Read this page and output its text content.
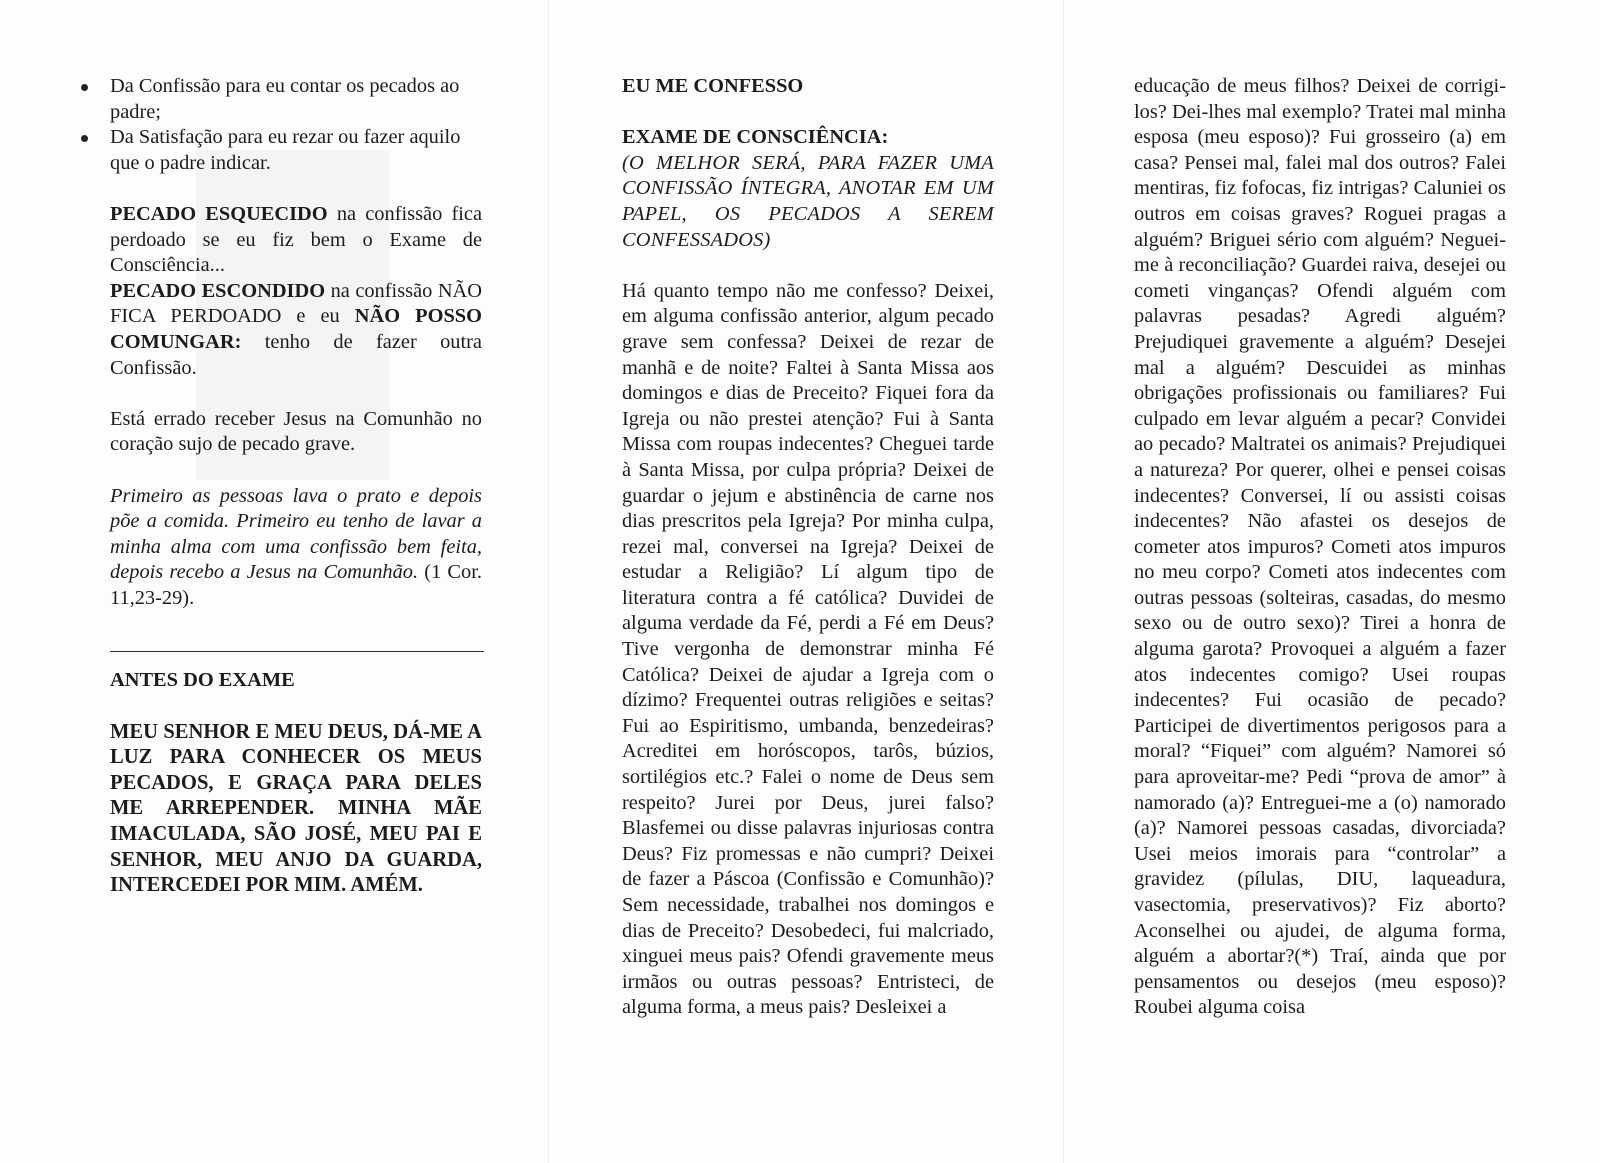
Da Confissão para eu contar os pecados ao padre;
Da Satisfação para eu rezar ou fazer aquilo que o padre indicar.

PECADO ESQUECIDO na confissão fica perdoado se eu fiz bem o Exame de Consciência...

PECADO ESCONDIDO na confissão NÃO FICA PERDOADO e eu NÃO POSSO COMUNGAR: tenho de fazer outra Confissão.

Está errado receber Jesus na Comunhão no coração sujo de pecado grave.

Primeiro as pessoas lava o prato e depois põe a comida. Primeiro eu tenho de lavar a minha alma com uma confissão bem feita, depois recebo a Jesus na Comunhão. (1 Cor. 11,23-29).

ANTES DO EXAME

MEU SENHOR E MEU DEUS, DÁ-ME A LUZ PARA CONHECER OS MEUS PECADOS, E GRAÇA PARA DELES ME ARREPENDER. MINHA MÃE IMACULADA, SÃO JOSÉ, MEU PAI E SENHOR, MEU ANJO DA GUARDA, INTERCEDEI POR MIM. AMÉM.

EU ME CONFESSO

EXAME DE CONSCIÊNCIA:

(O MELHOR SERÁ, PARA FAZER UMA CONFISSÃO ÍNTEGRA, ANOTAR EM UM PAPEL, OS PECADOS A SEREM CONFESSADOS)

Há quanto tempo não me confesso? Deixei, em alguma confissão anterior, algum pecado grave sem confessa? Deixei de rezar de manhã e de noite? Faltei à Santa Missa aos domingos e dias de Preceito? Fiquei fora da Igreja ou não prestei atenção? Fui à Santa Missa com roupas indecentes? Cheguei tarde à Santa Missa, por culpa própria? Deixei de guardar o jejum e abstinência de carne nos dias prescritos pela Igreja? Por minha culpa, rezei mal, conversei na Igreja? Deixei de estudar a Religião? Lí algum tipo de literatura contra a fé católica? Duvidei de alguma verdade da Fé, perdi a Fé em Deus? Tive vergonha de demonstrar minha Fé Católica? Deixei de ajudar a Igreja com o dízimo? Frequentei outras religiões e seitas? Fui ao Espiritismo, umbanda, benzedeiras? Acreditei em horóscopos, tarôs, búzios, sortilégios etc.? Falei o nome de Deus sem respeito? Jurei por Deus, jurei falso? Blasfemei ou disse palavras injuriosas contra Deus? Fiz promessas e não cumpri? Deixei de fazer a Páscoa (Confissão e Comunhão)? Sem necessidade, trabalhei nos domingos e dias de Preceito? Desobedeci, fui malcriado, xinguei meus pais? Ofendi gravemente meus irmãos ou outras pessoas? Entristeci, de alguma forma, a meus pais? Desleixei a

educação de meus filhos? Deixei de corrigi-los? Dei-lhes mal exemplo? Tratei mal minha esposa (meu esposo)? Fui grosseiro (a) em casa? Pensei mal, falei mal dos outros? Falei mentiras, fiz fofocas, fiz intrigas? Caluniei os outros em coisas graves? Roguei pragas a alguém? Briguei sério com alguém? Neguei-me à reconciliação? Guardei raiva, desejei ou cometi vinganças? Ofendi alguém com palavras pesadas? Agredi alguém? Prejudiquei gravemente a alguém? Desejei mal a alguém? Descuidei as minhas obrigações profissionais ou familiares? Fui culpado em levar alguém a pecar? Convidei ao pecado? Maltratei os animais? Prejudiquei a natureza? Por querer, olhei e pensei coisas indecentes? Conversei, lí ou assisti coisas indecentes? Não afastei os desejos de cometer atos impuros? Cometi atos impuros no meu corpo? Cometi atos indecentes com outras pessoas (solteiras, casadas, do mesmo sexo ou de outro sexo)? Tirei a honra de alguma garota? Provoquei a alguém a fazer atos indecentes comigo? Usei roupas indecentes? Fui ocasião de pecado? Participei de divertimentos perigosos para a moral? “Fiquei” com alguém? Namorei só para aproveitar-me? Pedi “prova de amor” à namorado (a)? Entreguei-me a (o) namorado (a)? Namorei pessoas casadas, divorciada? Usei meios imorais para “controlar” a gravidez (pílulas, DIU, laqueadura, vasectomia, preservativos)? Fiz aborto? Aconselhei ou ajudei, de alguma forma, alguém a abortar?(*) Traí, ainda que por pensamentos ou desejos (meu esposo)? Roubei alguma coisa
